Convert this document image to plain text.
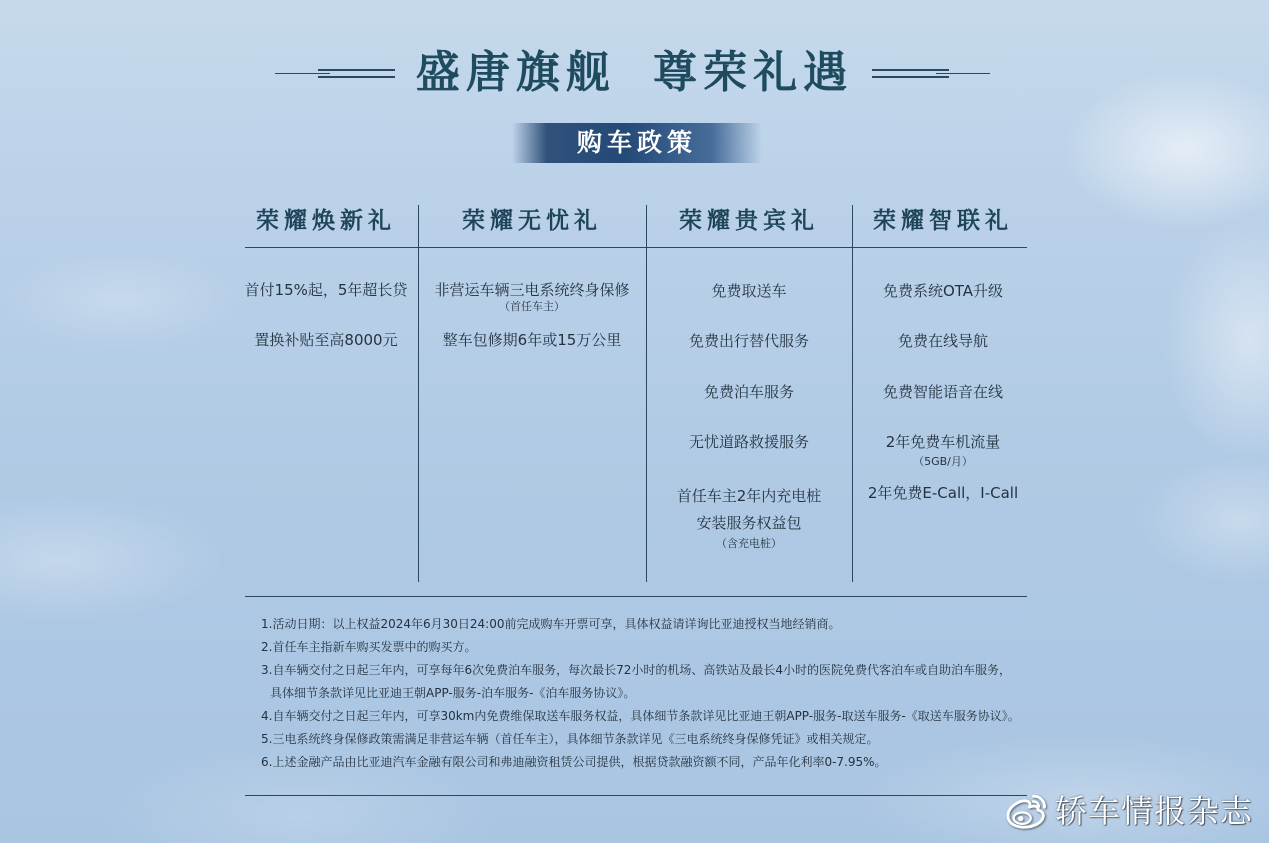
盛唐旗舰 尊荣礼遇
购车政策
荣耀焕新礼
首付15%起，5年超长贷
置换补贴至高8000元
荣耀无忧礼
非营运车辆三电系统终身保修
（首任车主）
整车包修期6年或15万公里
荣耀贵宾礼
免费取送车
免费出行替代服务
免费泊车服务
无忧道路救援服务
首任车主2年内充电桩
安装服务权益包
（含充电桩）
荣耀智联礼
免费系统OTA升级
免费在线导航
免费智能语音在线
2年免费车机流量
（5GB/月）
2年免费E-Call，I-Call
1.活动日期：以上权益2024年6月30日24:00前完成购车开票可享，具体权益请详询比亚迪授权当地经销商。
2.首任车主指新车购买发票中的购买方。
3.自车辆交付之日起三年内，可享每年6次免费泊车服务，每次最长72小时的机场、高铁站及最长4小时的医院免费代客泊车或自助泊车服务，
具体细节条款详见比亚迪王朝APP-服务-泊车服务-《泊车服务协议》。
4.自车辆交付之日起三年内，可享30km内免费维保取送车服务权益，具体细节条款详见比亚迪王朝APP-服务-取送车服务-《取送车服务协议》。
5.三电系统终身保修政策需满足非营运车辆（首任车主），具体细节条款详见《三电系统终身保修凭证》或相关规定。
6.上述金融产品由比亚迪汽车金融有限公司和弗迪融资租赁公司提供，根据贷款融资额不同，产品年化利率0-7.95%。
轿车情报杂志
